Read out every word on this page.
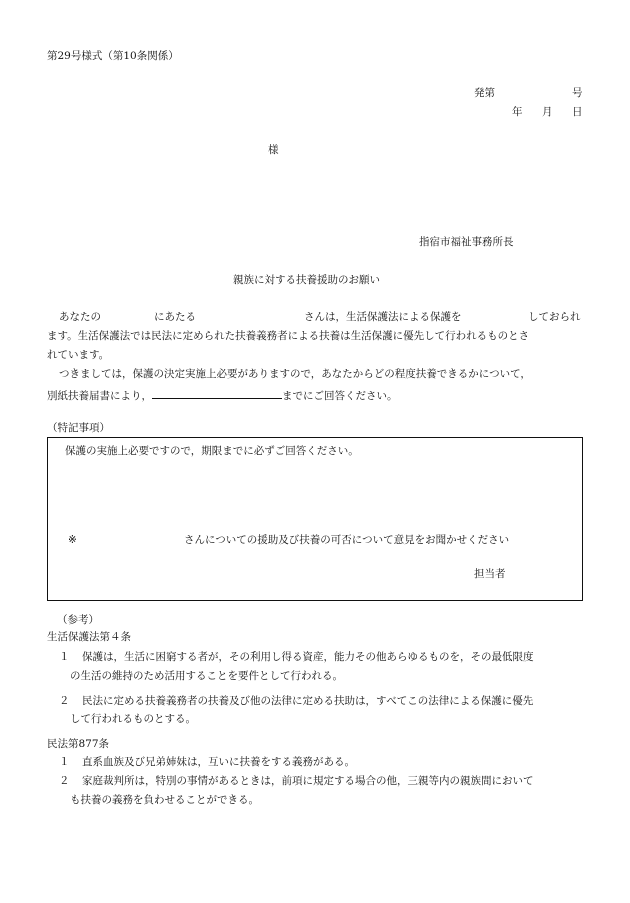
第29号様式（第10条関係）
発第	号
年 月 日
様
指宿市福祉事務所長
親族に対する扶養援助のお願い
あなたの	にあたる	さんは，生活保護法による保護を	しておられ
ます。生活保護法では民法に定められた扶養義務者による扶養は生活保護に優先して行われるものとさ
れています。
つきましては，保護の決定実施上必要がありますので，あなたからどの程度扶養できるかについて，
別紙扶養届書により，	までにご回答ください。
（特記事項）
保護の実施上必要ですので，期限までに必ずご回答ください。
※	さんについての援助及び扶養の可否について意見をお聞かせください
担当者
（参考）
生活保護法第４条
１ 保護は，生活に困窮する者が，その利用し得る資産，能力その他あらゆるものを，その最低限度
の生活の維持のため活用することを要件として行われる。
２ 民法に定める扶養義務者の扶養及び他の法律に定める扶助は，すべてこの法律による保護に優先
して行われるものとする。
民法第877条
１ 直系血族及び兄弟姉妹は，互いに扶養をする義務がある。
２ 家庭裁判所は，特別の事情があるときは，前項に規定する場合の他，三親等内の親族間において
も扶養の義務を負わせることができる。
